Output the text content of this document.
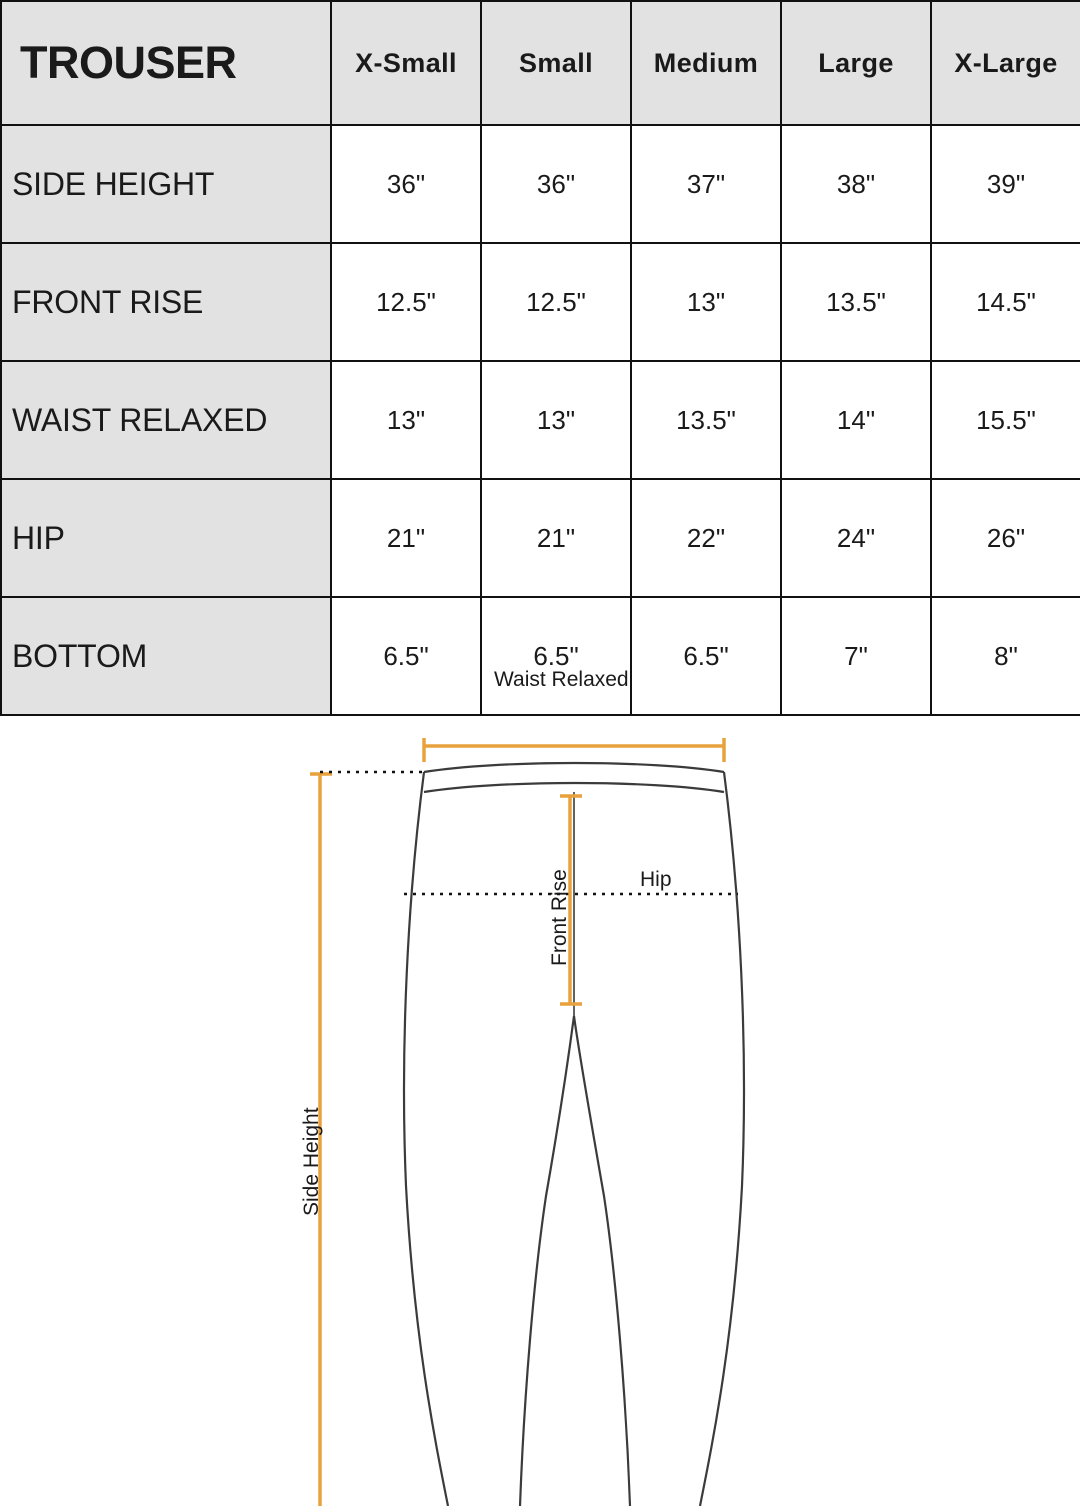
TROUSER	X-Small	Small	Medium	Large	X-Large
SIDE HEIGHT	36"	36"	37"	38"	39"
FRONT RISE	12.5"	12.5"	13"	13.5"	14.5"
WAIST RELAXED	13"	13"	13.5"	14"	15.5"
HIP	21"	21"	22"	24"	26"
BOTTOM	6.5"	6.5"	6.5"	7"	8"
Waist Relaxed
Hip
Front Rise
Side Height
